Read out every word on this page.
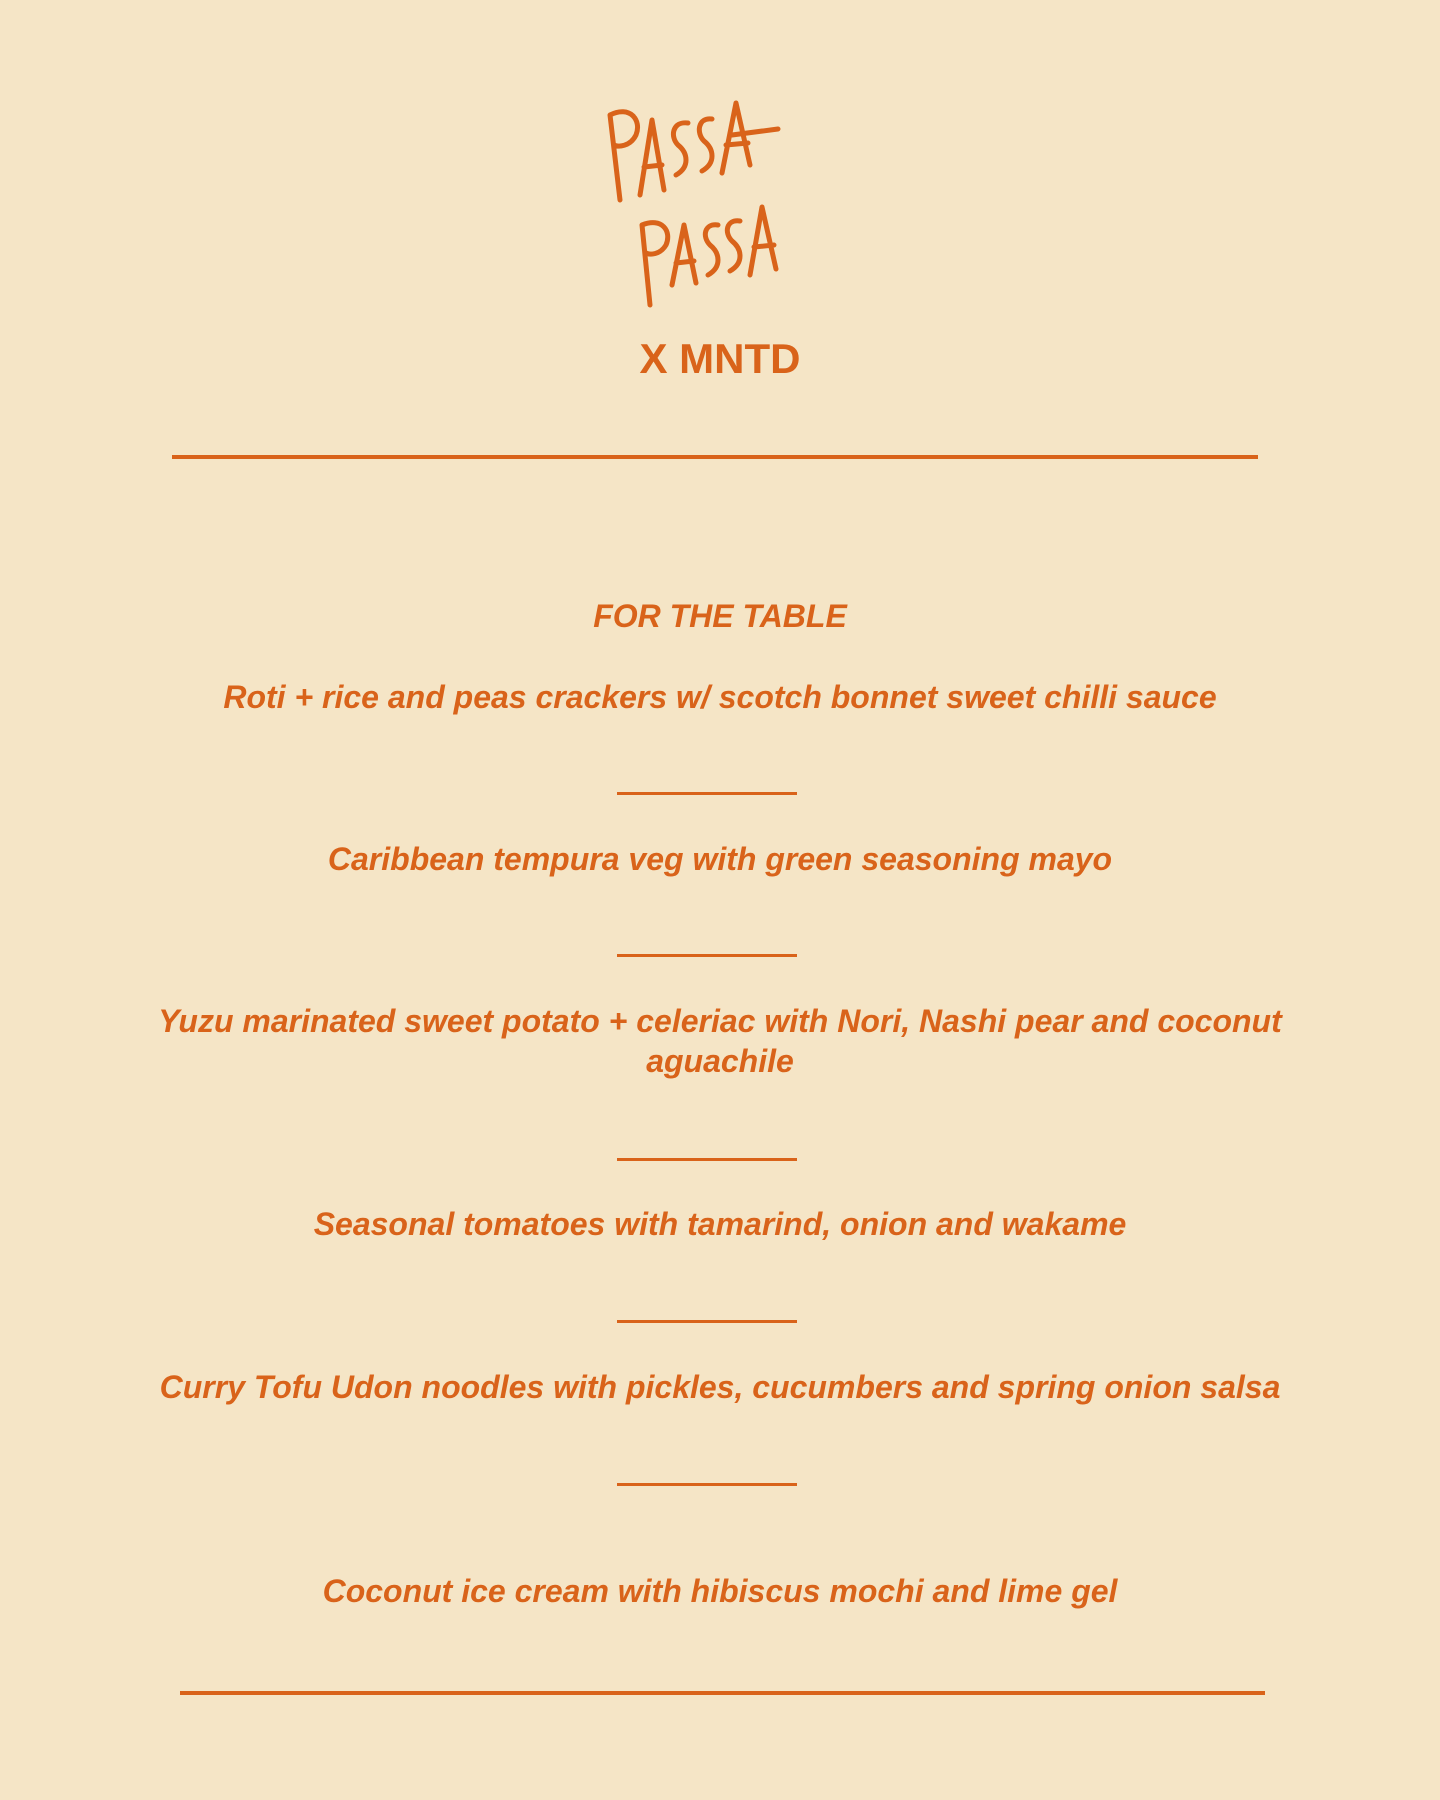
X MNTD
FOR THE TABLE
Roti + rice and peas crackers w/ scotch bonnet sweet chilli sauce
Caribbean tempura veg with green seasoning mayo
Yuzu marinated sweet potato + celeriac with Nori, Nashi pear and coconut aguachile
Seasonal tomatoes with tamarind, onion and wakame
Curry Tofu Udon noodles with pickles, cucumbers and spring onion salsa
Coconut ice cream with hibiscus mochi and lime gel
